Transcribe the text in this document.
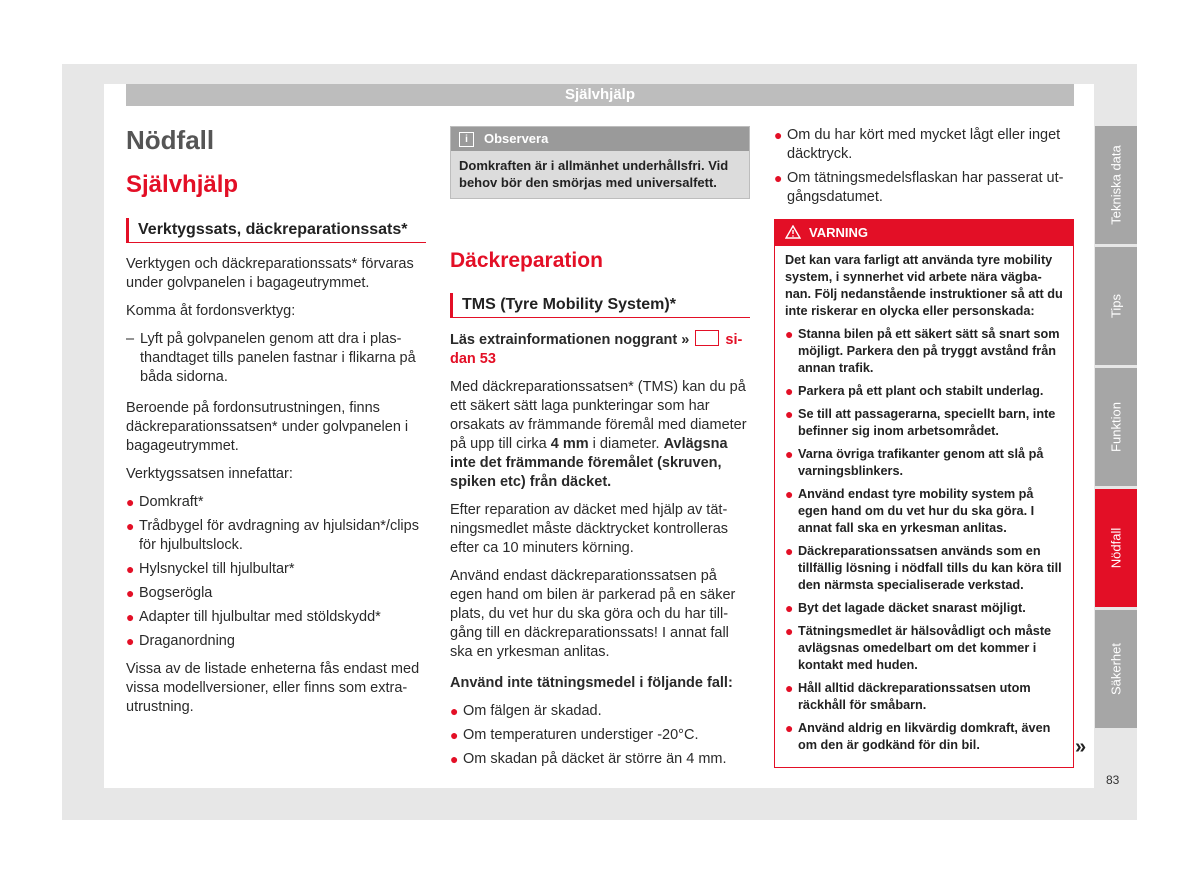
Självhjälp
Nödfall
Självhjälp
Verktygssats, däckreparationssats*

Verktygen och däckreparationssats* förvaras under golvpanelen i bagageutrymmet.

Komma åt fordonsverktyg:

– Lyft på golvpanelen genom att dra i plasthandtaget tills panelen fastnar i flikarna på båda sidorna.

Beroende på fordonsutrustningen, finns däckreparationssatsen* under golvpanelen i bagageutrymmet.

Verktygssatsen innefattar:

● Domkraft*
● Trådbygel för avdragning av hjulsidan*/clips för hjulbultslock.
● Hylsnyckel till hjulbultar*
● Bogserögla
● Adapter till hjulbultar med stöldskydd*
● Draganordning

Vissa av de listade enheterna fås endast med vissa modellversioner, eller finns som extrautrustning.

i Observera
Domkraften är i allmänhet underhållsfri. Vid behov bör den smörjas med universalfett.
Däckreparation
TMS (Tyre Mobility System)*

Läs extrainformationen noggrant » sidan 53

Med däckreparationssatsen* (TMS) kan du på ett säkert sätt laga punkteringar som har orsakats av främmande föremål med diameter på upp till cirka 4 mm i diameter. Avlägsna inte det främmande föremålet (skruven, spiken etc) från däcket.

Efter reparation av däcket med hjälp av tätningsmedlet måste däcktrycket kontrolleras efter ca 10 minuters körning.

Använd endast däckreparationssatsen på egen hand om bilen är parkerad på en säker plats, du vet hur du ska göra och du har tillgång till en däckreparationssats! I annat fall ska en yrkesman anlitas.

Använd inte tätningsmedel i följande fall:

● Om fälgen är skadad.
● Om temperaturen understiger -20°C.
● Om skadan på däcket är större än 4 mm.
● Om du har kört med mycket lågt eller inget däcktryck.
● Om tätningsmedelsflaskan har passerat utgångsdatumet.
VARNING

Det kan vara farligt att använda tyre mobility system, i synnerhet vid arbete nära vägbanan. Följ nedanstående instruktioner så att du inte riskerar en olycka eller personskada:

● Stanna bilen på ett säkert sätt så snart som möjligt. Parkera den på tryggt avstånd från annan trafik.
● Parkera på ett plant och stabilt underlag.
● Se till att passagerarna, speciellt barn, inte befinner sig inom arbetsområdet.
● Varna övriga trafikanter genom att slå på varningsblinkers.
● Använd endast tyre mobility system på egen hand om du vet hur du ska göra. I annat fall ska en yrkesman anlitas.
● Däckreparationssatsen används som en tillfällig lösning i nödfall tills du kan köra till den närmsta specialiserade verkstad.
● Byt det lagade däcket snarast möjligt.
● Tätningsmedlet är hälsovådligt och måste avlägsnas omedelbart om det kommer i kontakt med huden.
● Håll alltid däckreparationssatsen utom räckhåll för småbarn.
● Använd aldrig en likvärdig domkraft, även om den är godkänd för din bil.	»
Tekniska data
Tips
Funktion
Nödfall
Säkerhet
83
